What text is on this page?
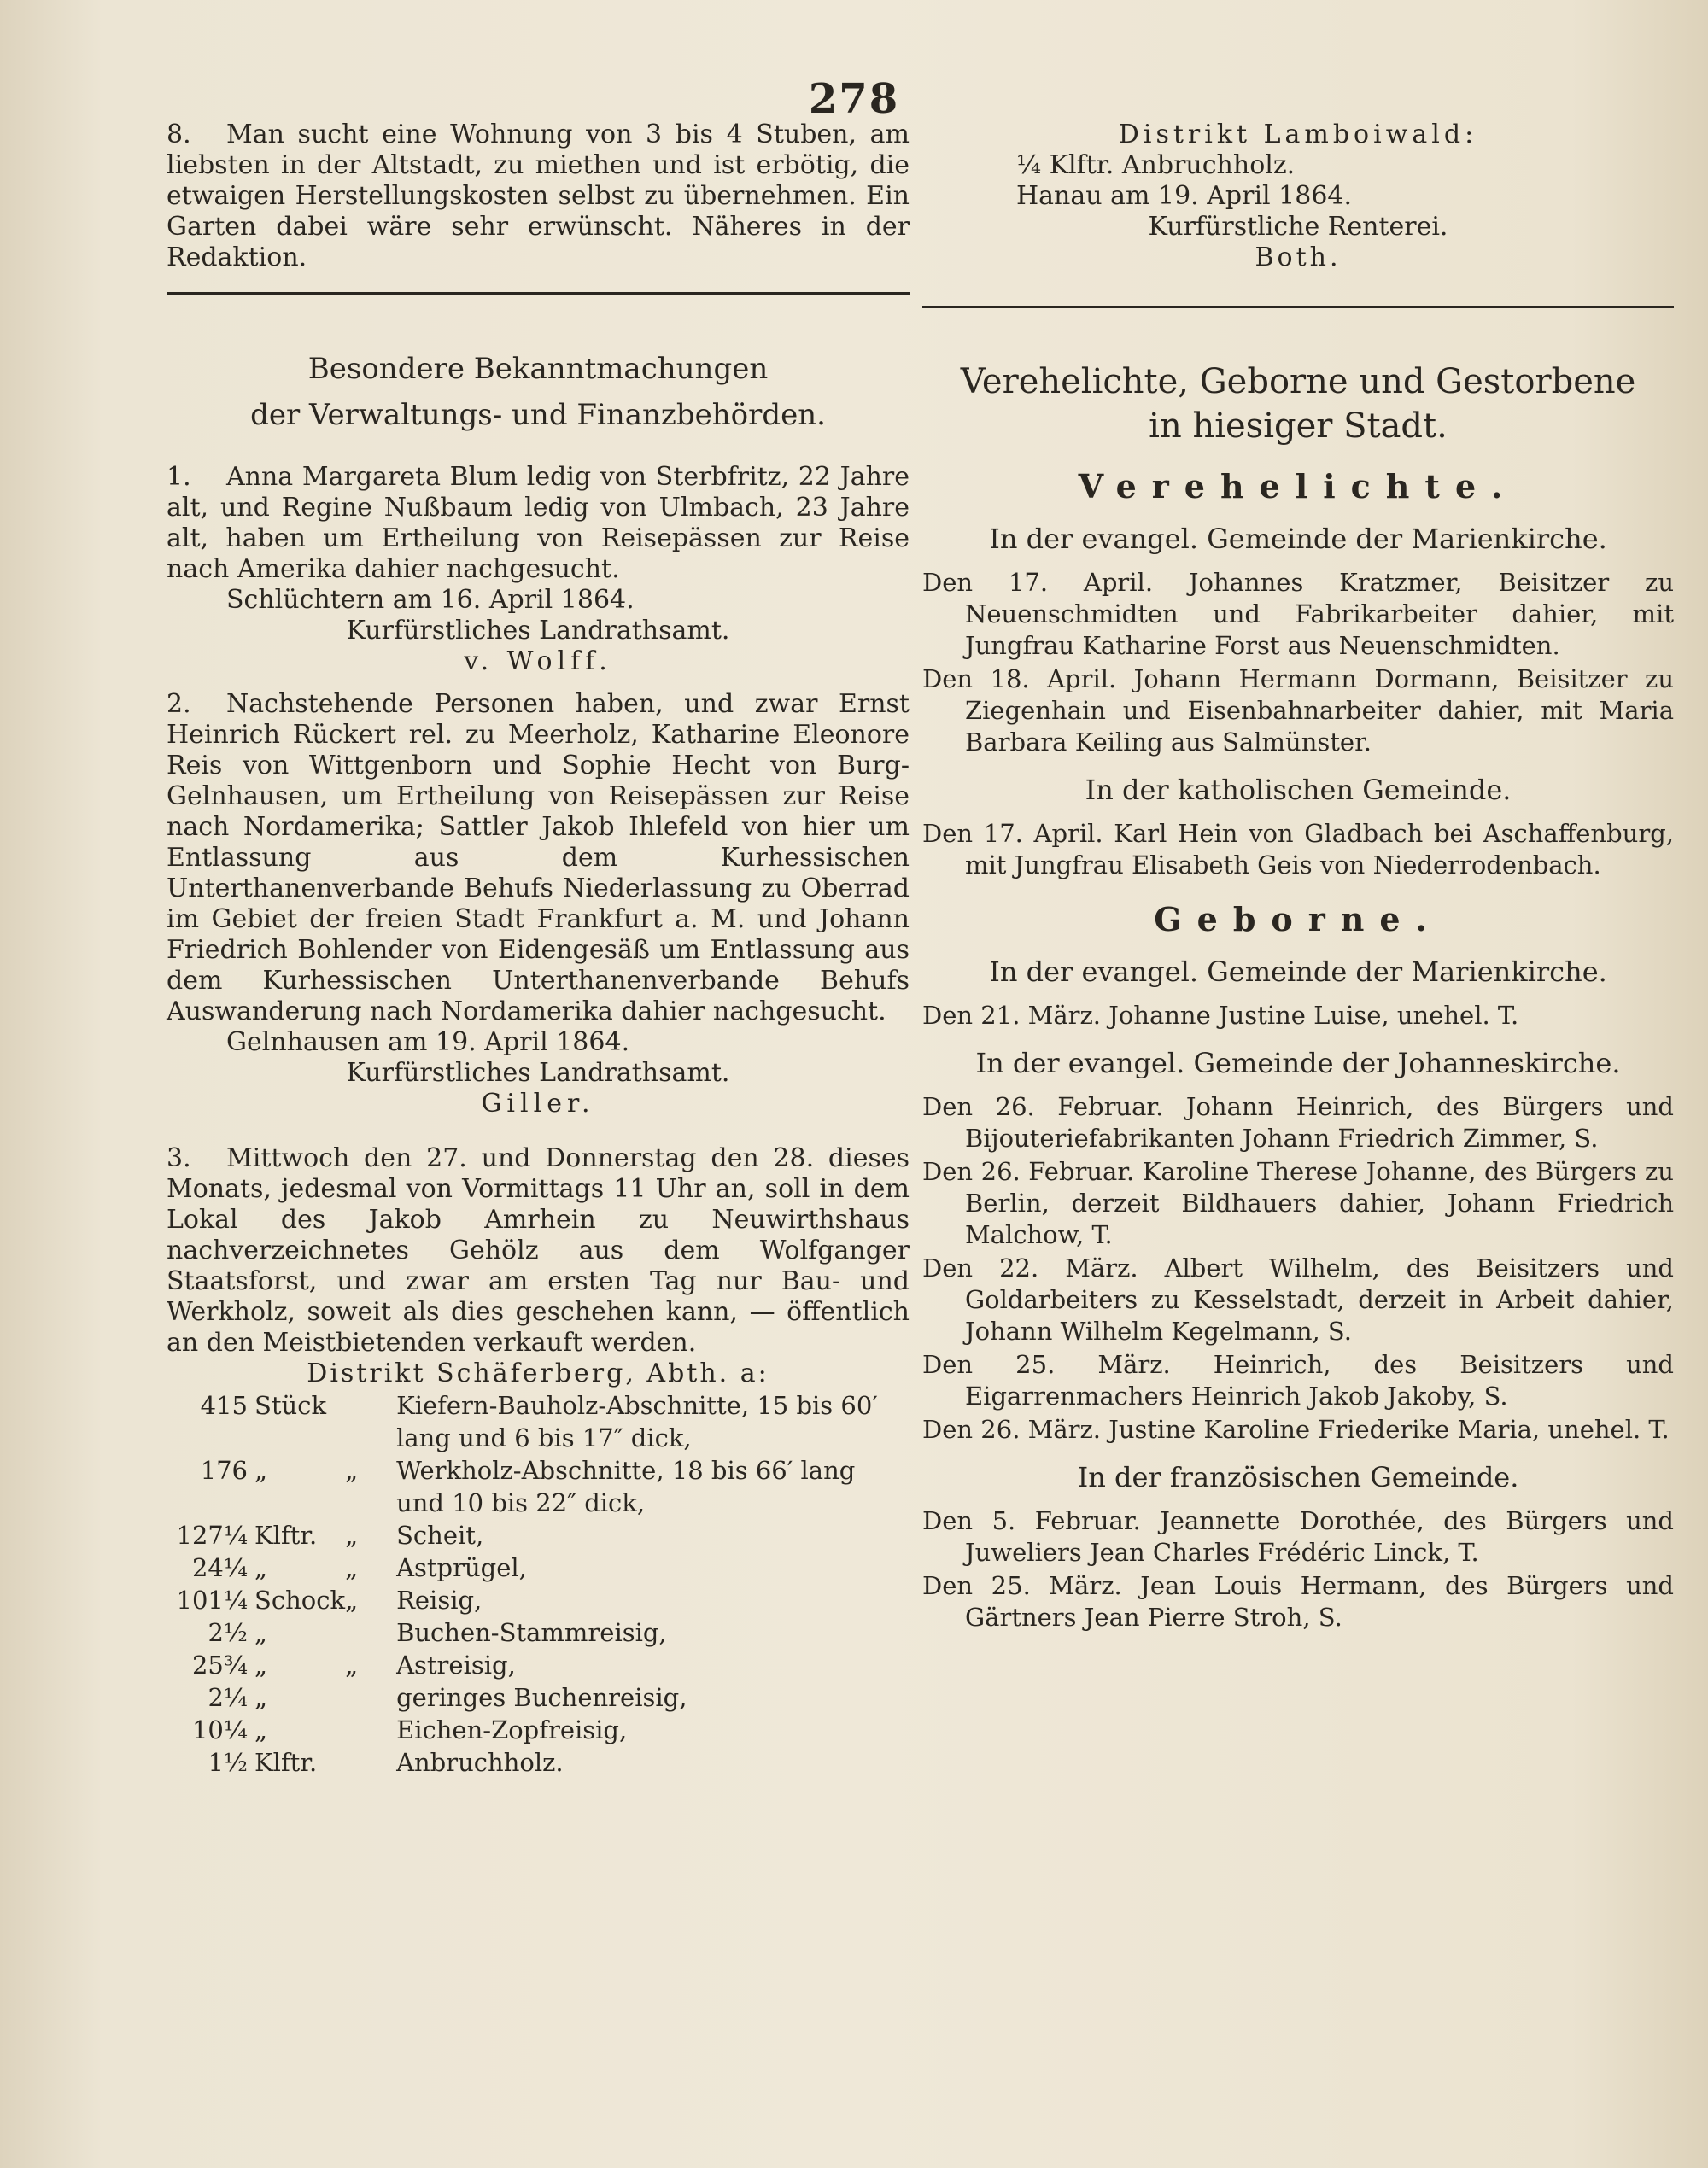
278

8. Man sucht eine Wohnung von 3 bis 4 Stuben, am liebsten in der Altstadt, zu miethen und ist erbötig, die etwaigen Herstellungskosten selbst zu übernehmen. Ein Garten dabei wäre sehr erwünscht. Näheres in der Redaktion.

Besondere Bekanntmachungen
der Verwaltungs- und Finanzbehörden.

1. Anna Margareta Blum ledig von Sterbfritz, 22 Jahre alt, und Regine Nußbaum ledig von Ulmbach, 23 Jahre alt, haben um Ertheilung von Reisepässen zur Reise nach Amerika dahier nachgesucht.

Schlüchtern am 16. April 1864.
Kurfürstliches Landrathsamt.
v. Wolff.

2. Nachstehende Personen haben, und zwar Ernst Heinrich Rückert rel. zu Meerholz, Katharine Eleonore Reis von Wittgenborn und Sophie Hecht von Burg-Gelnhausen, um Ertheilung von Reisepässen zur Reise nach Nordamerika; Sattler Jakob Ihlefeld von hier um Entlassung aus dem Kurhessischen Unterthanenverbande Behufs Niederlassung zu Oberrad im Gebiet der freien Stadt Frankfurt a. M. und Johann Friedrich Bohlender von Eidengesäß um Entlassung aus dem Kurhessischen Unterthanenverbande Behufs Auswanderung nach Nordamerika dahier nachgesucht.

Gelnhausen am 19. April 1864.
Kurfürstliches Landrathsamt.
Giller.

3. Mittwoch den 27. und Donnerstag den 28. dieses Monats, jedesmal von Vormittags 11 Uhr an, soll in dem Lokal des Jakob Amrhein zu Neuwirthshaus nachverzeichnetes Gehölz aus dem Wolfganger Staatsforst, und zwar am ersten Tag nur Bau- und Werkholz, soweit als dies geschehen kann, — öffentlich an den Meistbietenden verkauft werden.

Distrikt Schäferberg, Abth. a:
415	Stück		Kiefern-Bauholz-Abschnitte, 15 bis 60′ lang und 6 bis 17″ dick,
176	„	„	Werkholz-Abschnitte, 18 bis 66′ lang und 10 bis 22″ dick,
127¼	Klftr.	„	Scheit,
24¼	„	„	Astprügel,
101¼	Schock	„	Reisig,
2½	„		Buchen-Stammreisig,
25¾	„	„	Astreisig,
2¼	„		geringes Buchenreisig,
10¼	„		Eichen-Zopfreisig,
1½	Klftr.		Anbruchholz.
Distrikt Lamboiwald:
¼ Klftr. Anbruchholz.
Hanau am 19. April 1864.
Kurfürstliche Renterei.
Both.
Verehelichte, Geborne und Gestorbene
in hiesiger Stadt.
Verehelichte.
In der evangel. Gemeinde der Marienkirche.

Den 17. April. Johannes Kratzmer, Beisitzer zu Neuenschmidten und Fabrikarbeiter dahier, mit Jungfrau Katharine Forst aus Neuenschmidten.

Den 18. April. Johann Hermann Dormann, Beisitzer zu Ziegenhain und Eisenbahnarbeiter dahier, mit Maria Barbara Keiling aus Salmünster.

In der katholischen Gemeinde.

Den 17. April. Karl Hein von Gladbach bei Aschaffenburg, mit Jungfrau Elisabeth Geis von Niederrodenbach.

Geborne.
In der evangel. Gemeinde der Marienkirche.

Den 21. März. Johanne Justine Luise, unehel. T.

In der evangel. Gemeinde der Johanneskirche.

Den 26. Februar. Johann Heinrich, des Bürgers und Bijouteriefabrikanten Johann Friedrich Zimmer, S.

Den 26. Februar. Karoline Therese Johanne, des Bürgers zu Berlin, derzeit Bildhauers dahier, Johann Friedrich Malchow, T.

Den 22. März. Albert Wilhelm, des Beisitzers und Goldarbeiters zu Kesselstadt, derzeit in Arbeit dahier, Johann Wilhelm Kegelmann, S.

Den 25. März. Heinrich, des Beisitzers und Eigarrenmachers Heinrich Jakob Jakoby, S.

Den 26. März. Justine Karoline Friederike Maria, unehel. T.

In der französischen Gemeinde.

Den 5. Februar. Jeannette Dorothée, des Bürgers und Juweliers Jean Charles Frédéric Linck, T.

Den 25. März. Jean Louis Hermann, des Bürgers und Gärtners Jean Pierre Stroh, S.
